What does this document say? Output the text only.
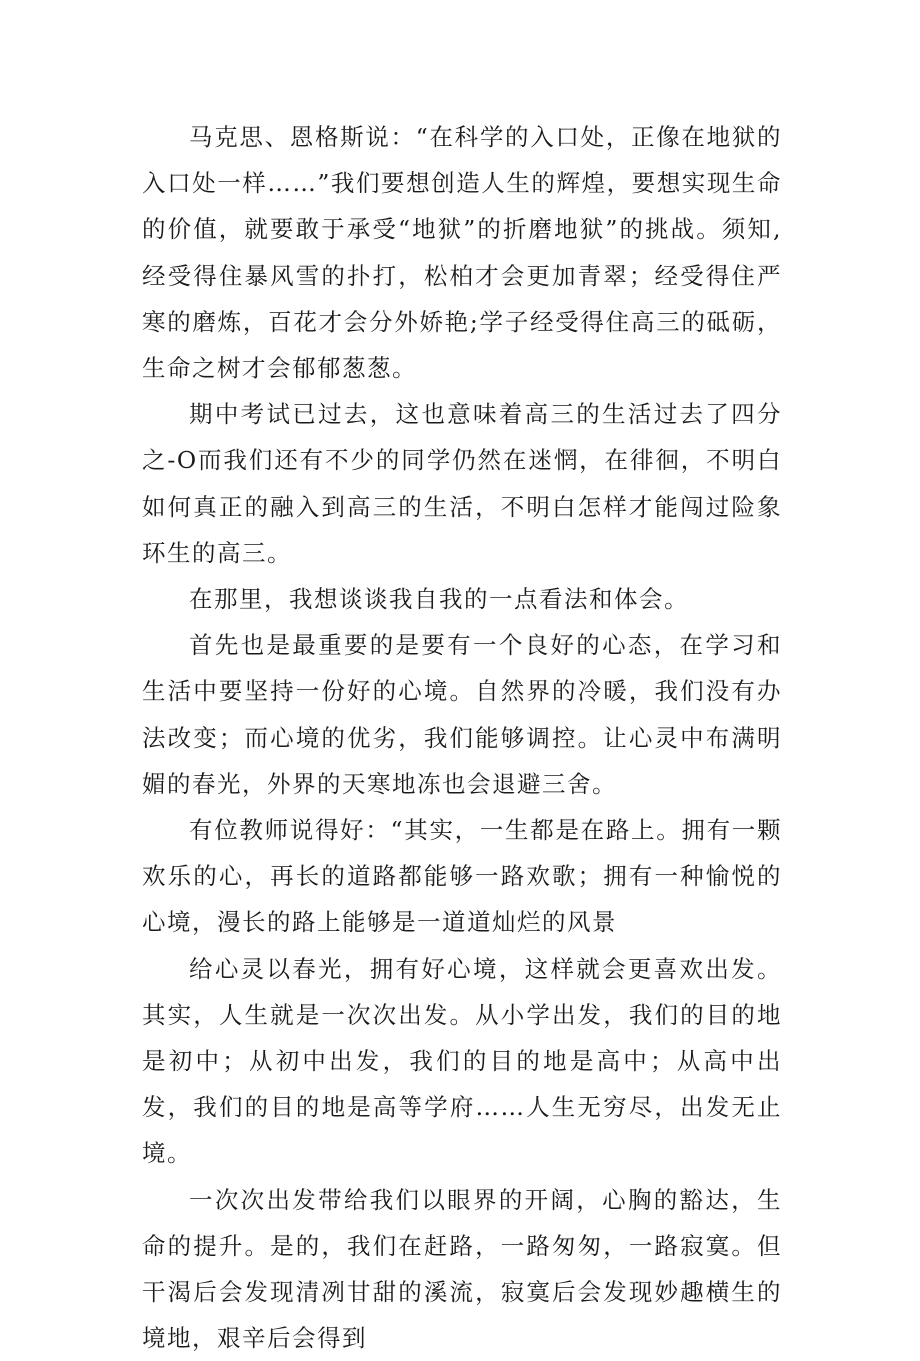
马克思、恩格斯说：“在科学的入口处，正像在地狱的入口处一样……”我们要想创造人生的辉煌，要想实现生命的价值，就要敢于承受“地狱”的折磨地狱”的挑战。须知,经受得住暴风雪的扑打，松柏才会更加青翠；经受得住严寒的磨炼，百花才会分外娇艳;学子经受得住高三的砥砺，生命之树才会郁郁葱葱。

期中考试已过去，这也意味着高三的生活过去了四分之-O而我们还有不少的同学仍然在迷惘，在徘徊，不明白如何真正的融入到高三的生活，不明白怎样才能闯过险象环生的高三。

在那里，我想谈谈我自我的一点看法和体会。

首先也是最重要的是要有一个良好的心态，在学习和生活中要坚持一份好的心境。自然界的冷暖，我们没有办法改变；而心境的优劣，我们能够调控。让心灵中布满明媚的春光，外界的天寒地冻也会退避三舍。

有位教师说得好：“其实，一生都是在路上。拥有一颗欢乐的心，再长的道路都能够一路欢歌；拥有一种愉悦的心境，漫长的路上能够是一道道灿烂的风景

给心灵以春光，拥有好心境，这样就会更喜欢出发。其实，人生就是一次次出发。从小学出发，我们的目的地是初中；从初中出发，我们的目的地是高中；从高中出发，我们的目的地是高等学府……人生无穷尽，出发无止境。

一次次出发带给我们以眼界的开阔，心胸的豁达，生命的提升。是的，我们在赶路，一路匆匆，一路寂寞。但干渴后会发现清冽甘甜的溪流，寂寞后会发现妙趣横生的境地，艰辛后会得到
